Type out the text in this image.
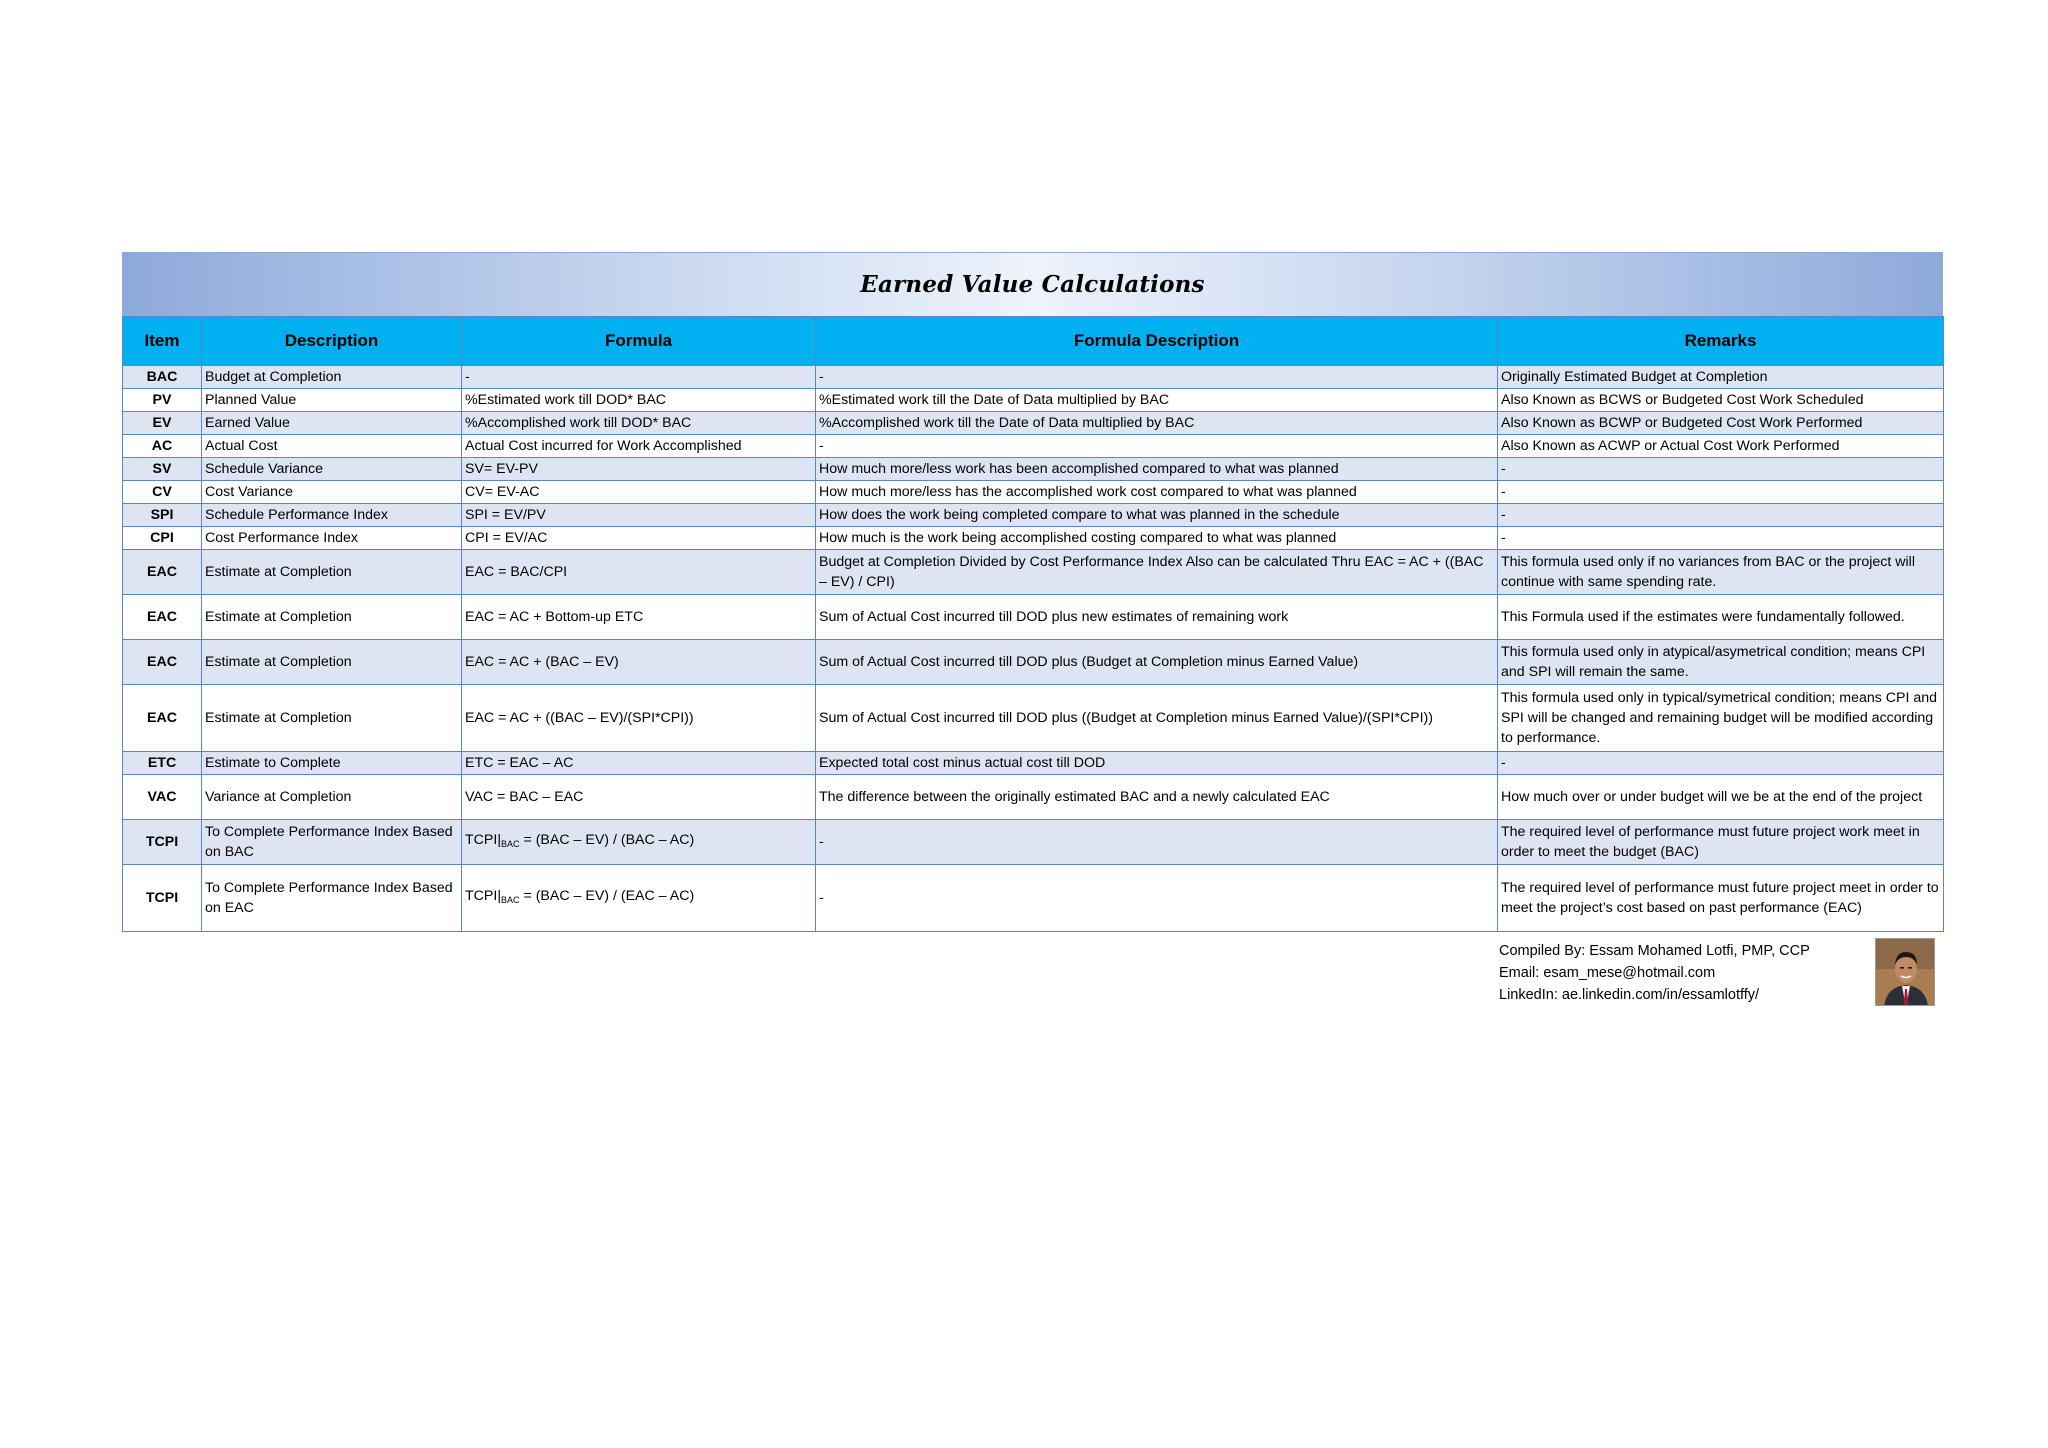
Earned Value Calculations
Item	Description	Formula	Formula Description	Remarks
BAC	Budget at Completion	-	-	Originally Estimated Budget at Completion
PV	Planned Value	%Estimated work till DOD* BAC	%Estimated work till the Date of Data multiplied by BAC	Also Known as BCWS or Budgeted Cost Work Scheduled
EV	Earned Value	%Accomplished work till DOD* BAC	%Accomplished work till the Date of Data multiplied by BAC	Also Known as BCWP or Budgeted Cost Work Performed
AC	Actual Cost	Actual Cost incurred for Work Accomplished	-	Also Known as ACWP or Actual Cost Work Performed
SV	Schedule Variance	SV= EV-PV	How much more/less work has been accomplished compared to what was planned	-
CV	Cost Variance	CV= EV-AC	How much more/less has the accomplished work cost compared to what was planned	-
SPI	Schedule Performance Index	SPI = EV/PV	How does the work being completed compare to what was planned in the schedule	-
CPI	Cost Performance Index	CPI = EV/AC	How much is the work being accomplished costing compared to what was planned	-
EAC	Estimate at Completion	EAC = BAC/CPI	Budget at Completion Divided by Cost Performance Index Also can be calculated Thru EAC = AC + ((BAC – EV) / CPI)	This formula used only if no variances from BAC or the project will continue with same spending rate.
EAC	Estimate at Completion	EAC = AC + Bottom-up ETC	Sum of Actual Cost incurred till DOD plus new estimates of remaining work	This Formula used if the estimates were fundamentally followed.
EAC	Estimate at Completion	EAC = AC + (BAC – EV)	Sum of Actual Cost incurred till DOD plus (Budget at Completion minus Earned Value)	This formula used only in atypical/asymetrical condition; means CPI and SPI will remain the same.
EAC	Estimate at Completion	EAC = AC + ((BAC – EV)/(SPI*CPI))	Sum of Actual Cost incurred till DOD plus ((Budget at Completion minus Earned Value)/(SPI*CPI))	This formula used only in typical/symetrical condition; means CPI and SPI will be changed and remaining budget will be modified according to performance.
ETC	Estimate to Complete	ETC = EAC – AC	Expected total cost minus actual cost till DOD	-
VAC	Variance at Completion	VAC = BAC – EAC	The difference between the originally estimated BAC and a newly calculated EAC	How much over or under budget will we be at the end of the project
TCPI	To Complete Performance Index Based on BAC	$TCPI|_{BAC} = (BAC - EV) / (BAC - AC)$	-	The required level of performance must future project work meet in order to meet the budget (BAC)
TCPI	To Complete Performance Index Based on EAC	$TCPI|_{BAC} = (BAC - EV) / (EAC - AC)$	-	The required level of performance must future project meet in order to meet the project’s cost based on past performance (EAC)
Compiled By: Essam Mohamed Lotfi, PMP, CCP
Email: esam_mese@hotmail.com
LinkedIn: ae.linkedin.com/in/essamlotffy/
